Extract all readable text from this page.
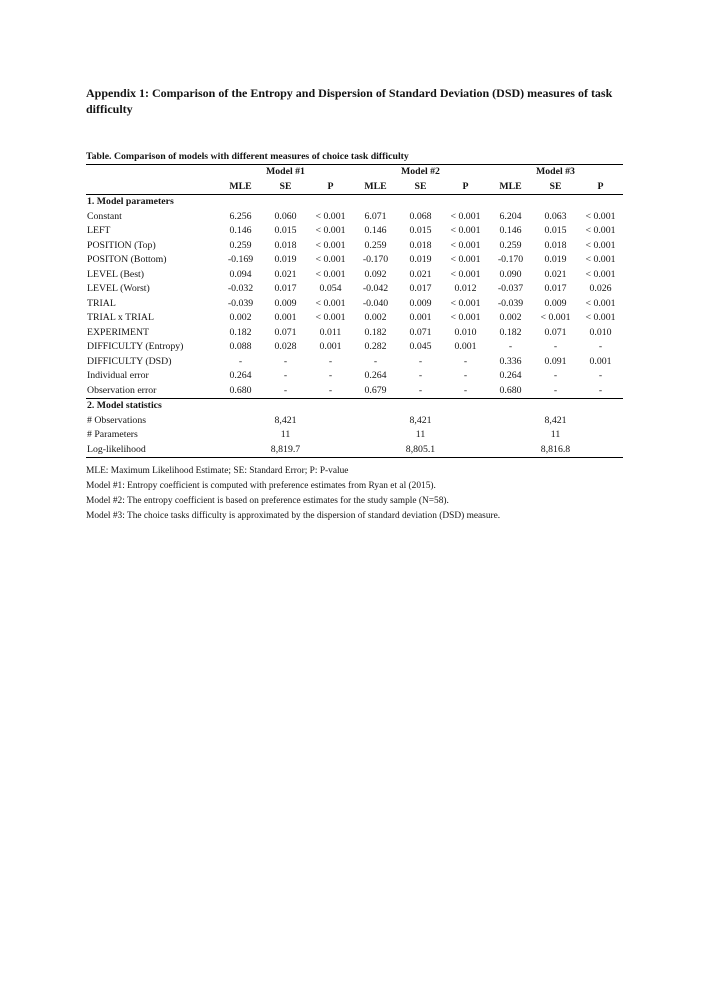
Appendix 1: Comparison of the Entropy and Dispersion of Standard Deviation (DSD) measures of task difficulty
Table. Comparison of models with different measures of choice task difficulty
	Model #1			Model #2			Model #3		
	MLE	SE	P	MLE	SE	P	MLE	SE	P
1. Model parameters									
Constant	6.256	0.060	< 0.001	6.071	0.068	< 0.001	6.204	0.063	< 0.001
LEFT	0.146	0.015	< 0.001	0.146	0.015	< 0.001	0.146	0.015	< 0.001
POSITION (Top)	0.259	0.018	< 0.001	0.259	0.018	< 0.001	0.259	0.018	< 0.001
POSITON (Bottom)	-0.169	0.019	< 0.001	-0.170	0.019	< 0.001	-0.170	0.019	< 0.001
LEVEL (Best)	0.094	0.021	< 0.001	0.092	0.021	< 0.001	0.090	0.021	< 0.001
LEVEL (Worst)	-0.032	0.017	0.054	-0.042	0.017	0.012	-0.037	0.017	0.026
TRIAL	-0.039	0.009	< 0.001	-0.040	0.009	< 0.001	-0.039	0.009	< 0.001
TRIAL x TRIAL	0.002	0.001	< 0.001	0.002	0.001	< 0.001	0.002	< 0.001	< 0.001
EXPERIMENT	0.182	0.071	0.011	0.182	0.071	0.010	0.182	0.071	0.010
DIFFICULTY (Entropy)	0.088	0.028	0.001	0.282	0.045	0.001	-	-	-
DIFFICULTY (DSD)	-	-	-	-	-	-	0.336	0.091	0.001
Individual error	0.264	-	-	0.264	-	-	0.264	-	-
Observation error	0.680	-	-	0.679	-	-	0.680	-	-
2. Model statistics									
# Observations	8,421			8,421			8,421		
# Parameters	11			11			11		
Log-likelihood	8,819.7			8,805.1			8,816.8		
MLE: Maximum Likelihood Estimate; SE: Standard Error; P: P-value
Model #1: Entropy coefficient is computed with preference estimates from Ryan et al (2015).
Model #2: The entropy coefficient is based on preference estimates for the study sample (N=58).
Model #3: The choice tasks difficulty is approximated by the dispersion of standard deviation (DSD) measure.
